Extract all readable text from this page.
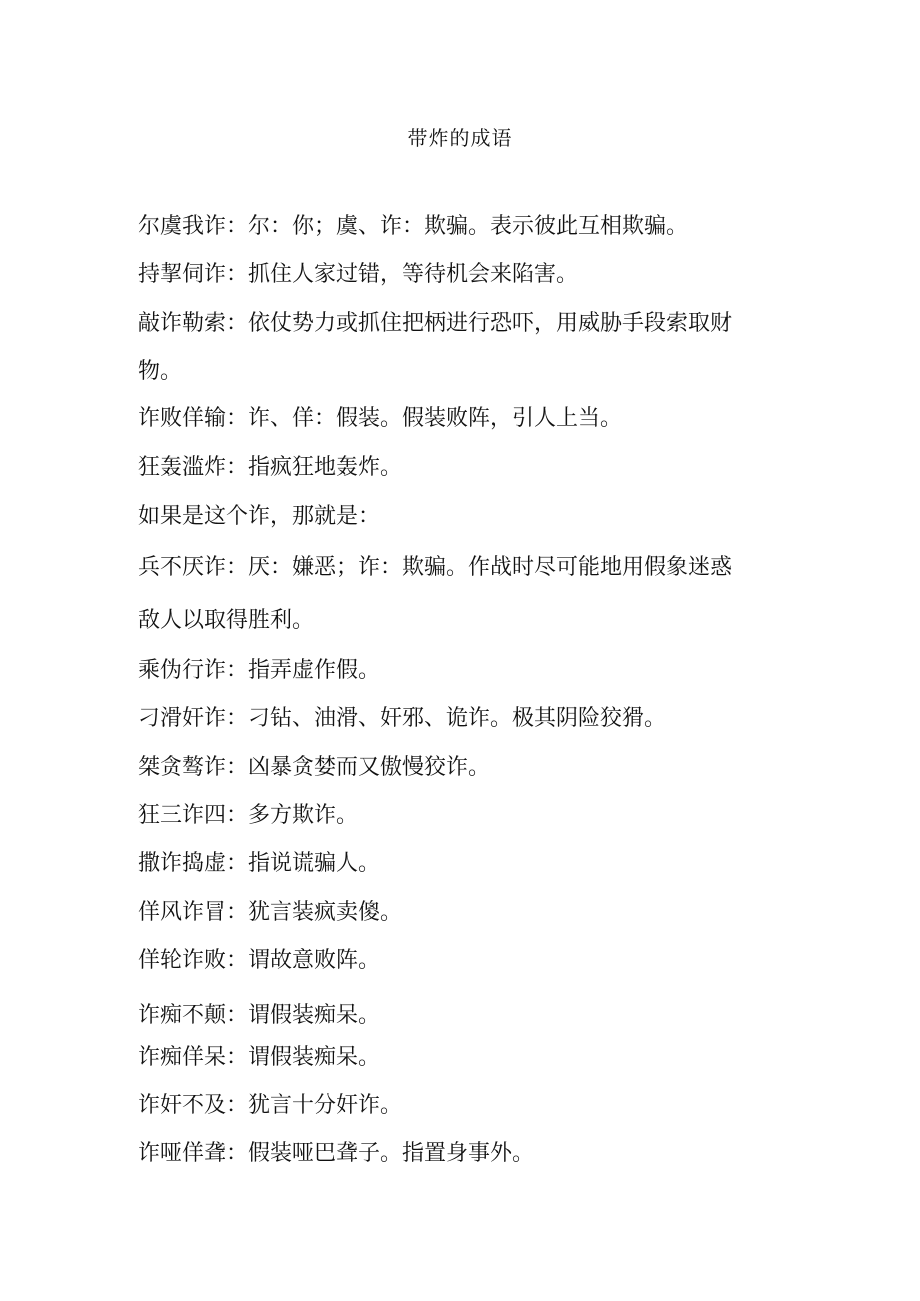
带炸的成语
尔虞我诈：尔：你；虞、诈：欺骗。表示彼此互相欺骗。
持挈伺诈：抓住人家过错，等待机会来陷害。
敲诈勒索：依仗势力或抓住把柄进行恐吓，用威胁手段索取财
物。
诈败佯输：诈、佯：假装。假装败阵，引人上当。
狂轰滥炸：指疯狂地轰炸。
如果是这个诈，那就是：
兵不厌诈：厌：嫌恶；诈：欺骗。作战时尽可能地用假象迷惑
敌人以取得胜利。
乘伪行诈：指弄虚作假。
刁滑奸诈：刁钻、油滑、奸邪、诡诈。极其阴险狡猾。
桀贪骜诈：凶暴贪婪而又傲慢狡诈。
狂三诈四：多方欺诈。
撒诈捣虚：指说谎骗人。
佯风诈冒：犹言装疯卖傻。
佯轮诈败：谓故意败阵。
诈痴不颠：谓假装痴呆。
诈痴佯呆：谓假装痴呆。
诈奸不及：犹言十分奸诈。
诈哑佯聋：假装哑巴聋子。指置身事外。
